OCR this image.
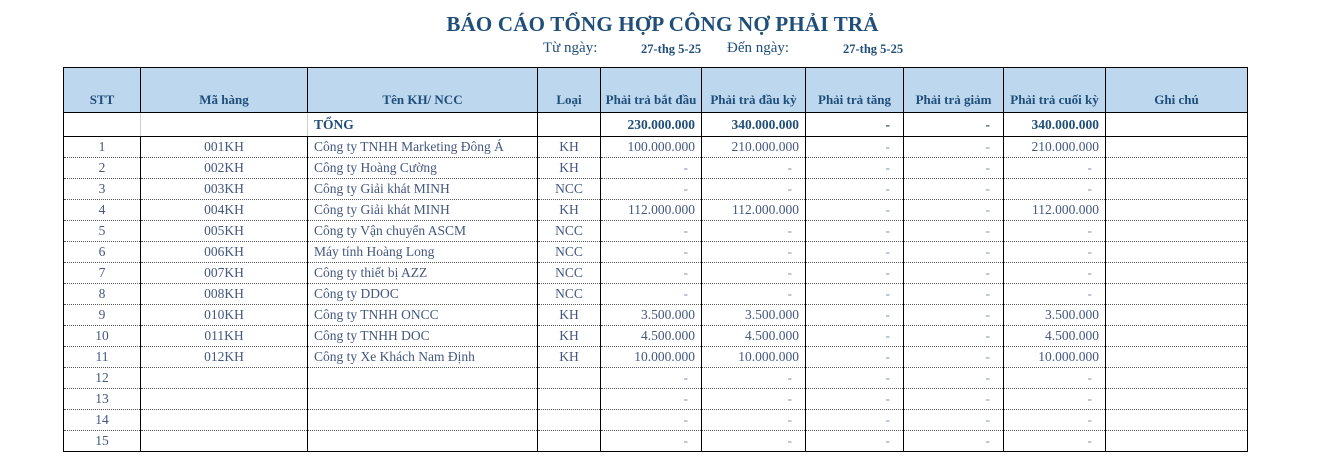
BÁO CÁO TỔNG HỢP CÔNG NỢ PHẢI TRẢ
Từ ngày:	27-thg 5-25 Đến ngày:	27-thg 5-25
STT	Mã hàng	Tên KH/ NCC	Loại	Phải trả bắt đầu	Phải trả đầu kỳ	Phải trả tăng	Phải trả giảm	Phải trả cuối kỳ	Ghi chú
		TỔNG		230.000.000	340.000.000	-	-	340.000.000	
1	001KH	Công ty TNHH Marketing Đông Á	KH	100.000.000	210.000.000	-	-	210.000.000	
2	002KH	Công ty Hoàng Cường	KH	-	-	-	-	-	
3	003KH	Công ty Giải khát MINH	NCC	-	-	-	-	-	
4	004KH	Công ty Giải khát MINH	KH	112.000.000	112.000.000	-	-	112.000.000	
5	005KH	Công ty Vận chuyển ASCM	NCC	-	-	-	-	-	
6	006KH	Máy tính Hoàng Long	NCC	-	-	-	-	-	
7	007KH	Công ty thiết bị AZZ	NCC	-	-	-	-	-	
8	008KH	Công ty DDOC	NCC	-	-	-	-	-	
9	010KH	Công ty TNHH ONCC	KH	3.500.000	3.500.000	-	-	3.500.000	
10	011KH	Công ty TNHH DOC	KH	4.500.000	4.500.000	-	-	4.500.000	
11	012KH	Công ty Xe Khách Nam Định	KH	10.000.000	10.000.000	-	-	10.000.000	
12				-	-	-	-	-	
13				-	-	-	-	-	
14				-	-	-	-	-	
15				-	-	-	-	-	
